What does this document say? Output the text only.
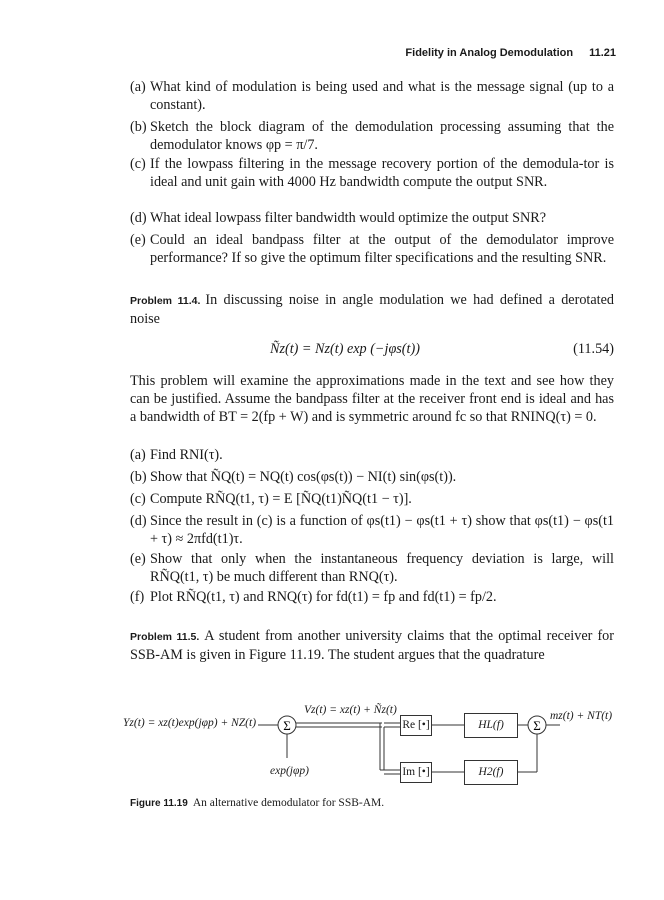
Fidelity in Analog Demodulation 11.21
(a) What kind of modulation is being used and what is the message signal (up to a constant).
(b) Sketch the block diagram of the demodulation processing assuming that the demodulator knows φp = π/7.
(c) If the lowpass filtering in the message recovery portion of the demodula-tor is ideal and unit gain with 4000 Hz bandwidth compute the output SNR.
(d) What ideal lowpass filter bandwidth would optimize the output SNR?
(e) Could an ideal bandpass filter at the output of the demodulator improve performance? If so give the optimum filter specifications and the resulting SNR.
Problem 11.4. In discussing noise in angle modulation we had defined a derotated noise
Ñz(t) = Nz(t) exp (−jφs(t))	(11.54)
This problem will examine the approximations made in the text and see how they can be justified. Assume the bandpass filter at the receiver front end is ideal and has a bandwidth of BT = 2(fp + W) and is symmetric around fc so that RNINQ(τ) = 0.
(a) Find RNI(τ).
(b) Show that ÑQ(t) = NQ(t) cos(φs(t)) − NI(t) sin(φs(t)).
(c) Compute RÑQ(t1, τ) = E [ÑQ(t1)ÑQ(t1 − τ)].
(d) Since the result in (c) is a function of φs(t1) − φs(t1 + τ) show that φs(t1) − φs(t1 + τ) ≈ 2πfd(t1)τ.
(e) Show that only when the instantaneous frequency deviation is large, will RÑQ(t1, τ) be much different than RNQ(τ).
(f) Plot RÑQ(t1, τ) and RNQ(τ) for fd(t1) = fp and fd(t1) = fp/2.
Problem 11.5. A student from another university claims that the optimal receiver for SSB-AM is given in Figure 11.19. The student argues that the quadrature
Σ	Σ
Yz(t) = xz(t)exp(jφp) + NZ(t)
Vz(t) = xz(t) + Ñz(t)
Re [•]
Im [•]
HL(f)
H2(f)
mz(t) + NT(t)
exp(jφp)
Figure 11.19 An alternative demodulator for SSB-AM.
